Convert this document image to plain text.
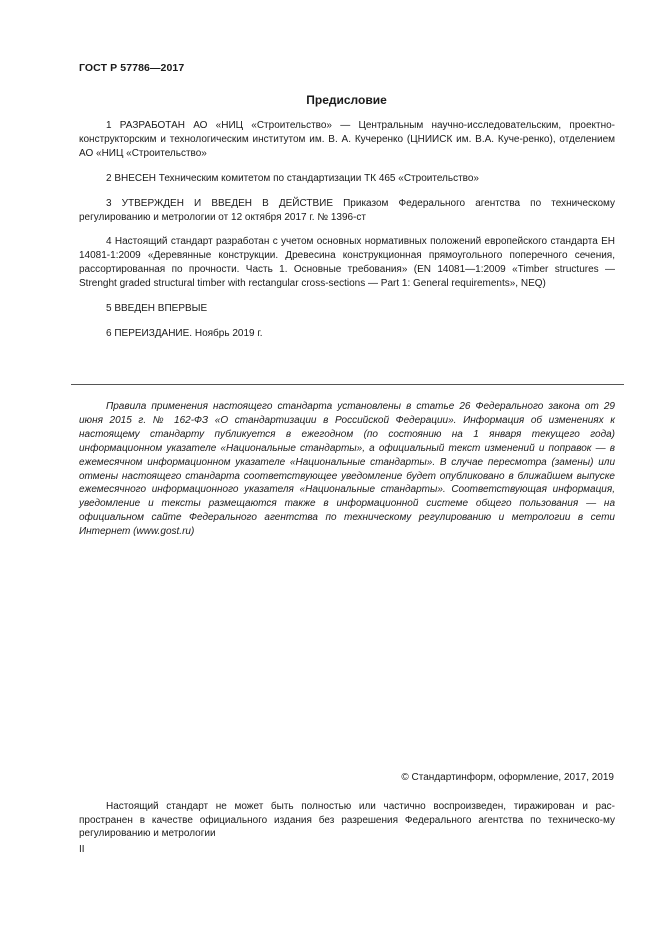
ГОСТ Р 57786—2017
Предисловие

1 РАЗРАБОТАН АО «НИЦ «Строительство» — Центральным научно-исследовательским, проектно-конструкторским и технологическим институтом им. В. А. Кучеренко (ЦНИИСК им. В.А. Куче-ренко), отделением АО «НИЦ «Строительство»

2 ВНЕСЕН Техническим комитетом по стандартизации ТК 465 «Строительство»

3 УТВЕРЖДЕН И ВВЕДЕН В ДЕЙСТВИЕ Приказом Федерального агентства по техническому регулированию и метрологии от 12 октября 2017 г. № 1396-ст

4 Настоящий стандарт разработан с учетом основных нормативных положений европейского стандарта ЕН 14081-1:2009 «Деревянные конструкции. Древесина конструкционная прямоугольного поперечного сечения, рассортированная по прочности. Часть 1. Основные требования» (EN 14081—1:2009 «Timber structures — Strenght graded structural timber with rectangular cross-sections — Part 1: General requirements», NEQ)

5 ВВЕДЕН ВПЕРВЫЕ

6 ПЕРЕИЗДАНИЕ. Ноябрь 2019 г.

Правила применения настоящего стандарта установлены в статье 26 Федерального закона от 29 июня 2015 г. № 162-ФЗ «О стандартизации в Российской Федерации». Информация об изменениях к настоящему стандарту публикуется в ежегодном (по состоянию на 1 января текущего года) информационном указателе «Национальные стандарты», а официальный текст изменений и поправок — в ежемесячном информационном указателе «Национальные стандарты». В случае пересмотра (замены) или отмены настоящего стандарта соответствующее уведомление будет опубликовано в ближайшем выпуске ежемесячного информационного указателя «Национальные стандарты». Соответствующая информация, уведомление и тексты размещаются также в информационной системе общего пользования — на официальном сайте Федерального агентства по техническому регулированию и метрологии в сети Интернет (www.gost.ru)

© Стандартинформ, оформление, 2017, 2019

Настоящий стандарт не может быть полностью или частично воспроизведен, тиражирован и рас-пространен в качестве официального издания без разрешения Федерального агентства по техническо-му регулированию и метрологии

II
